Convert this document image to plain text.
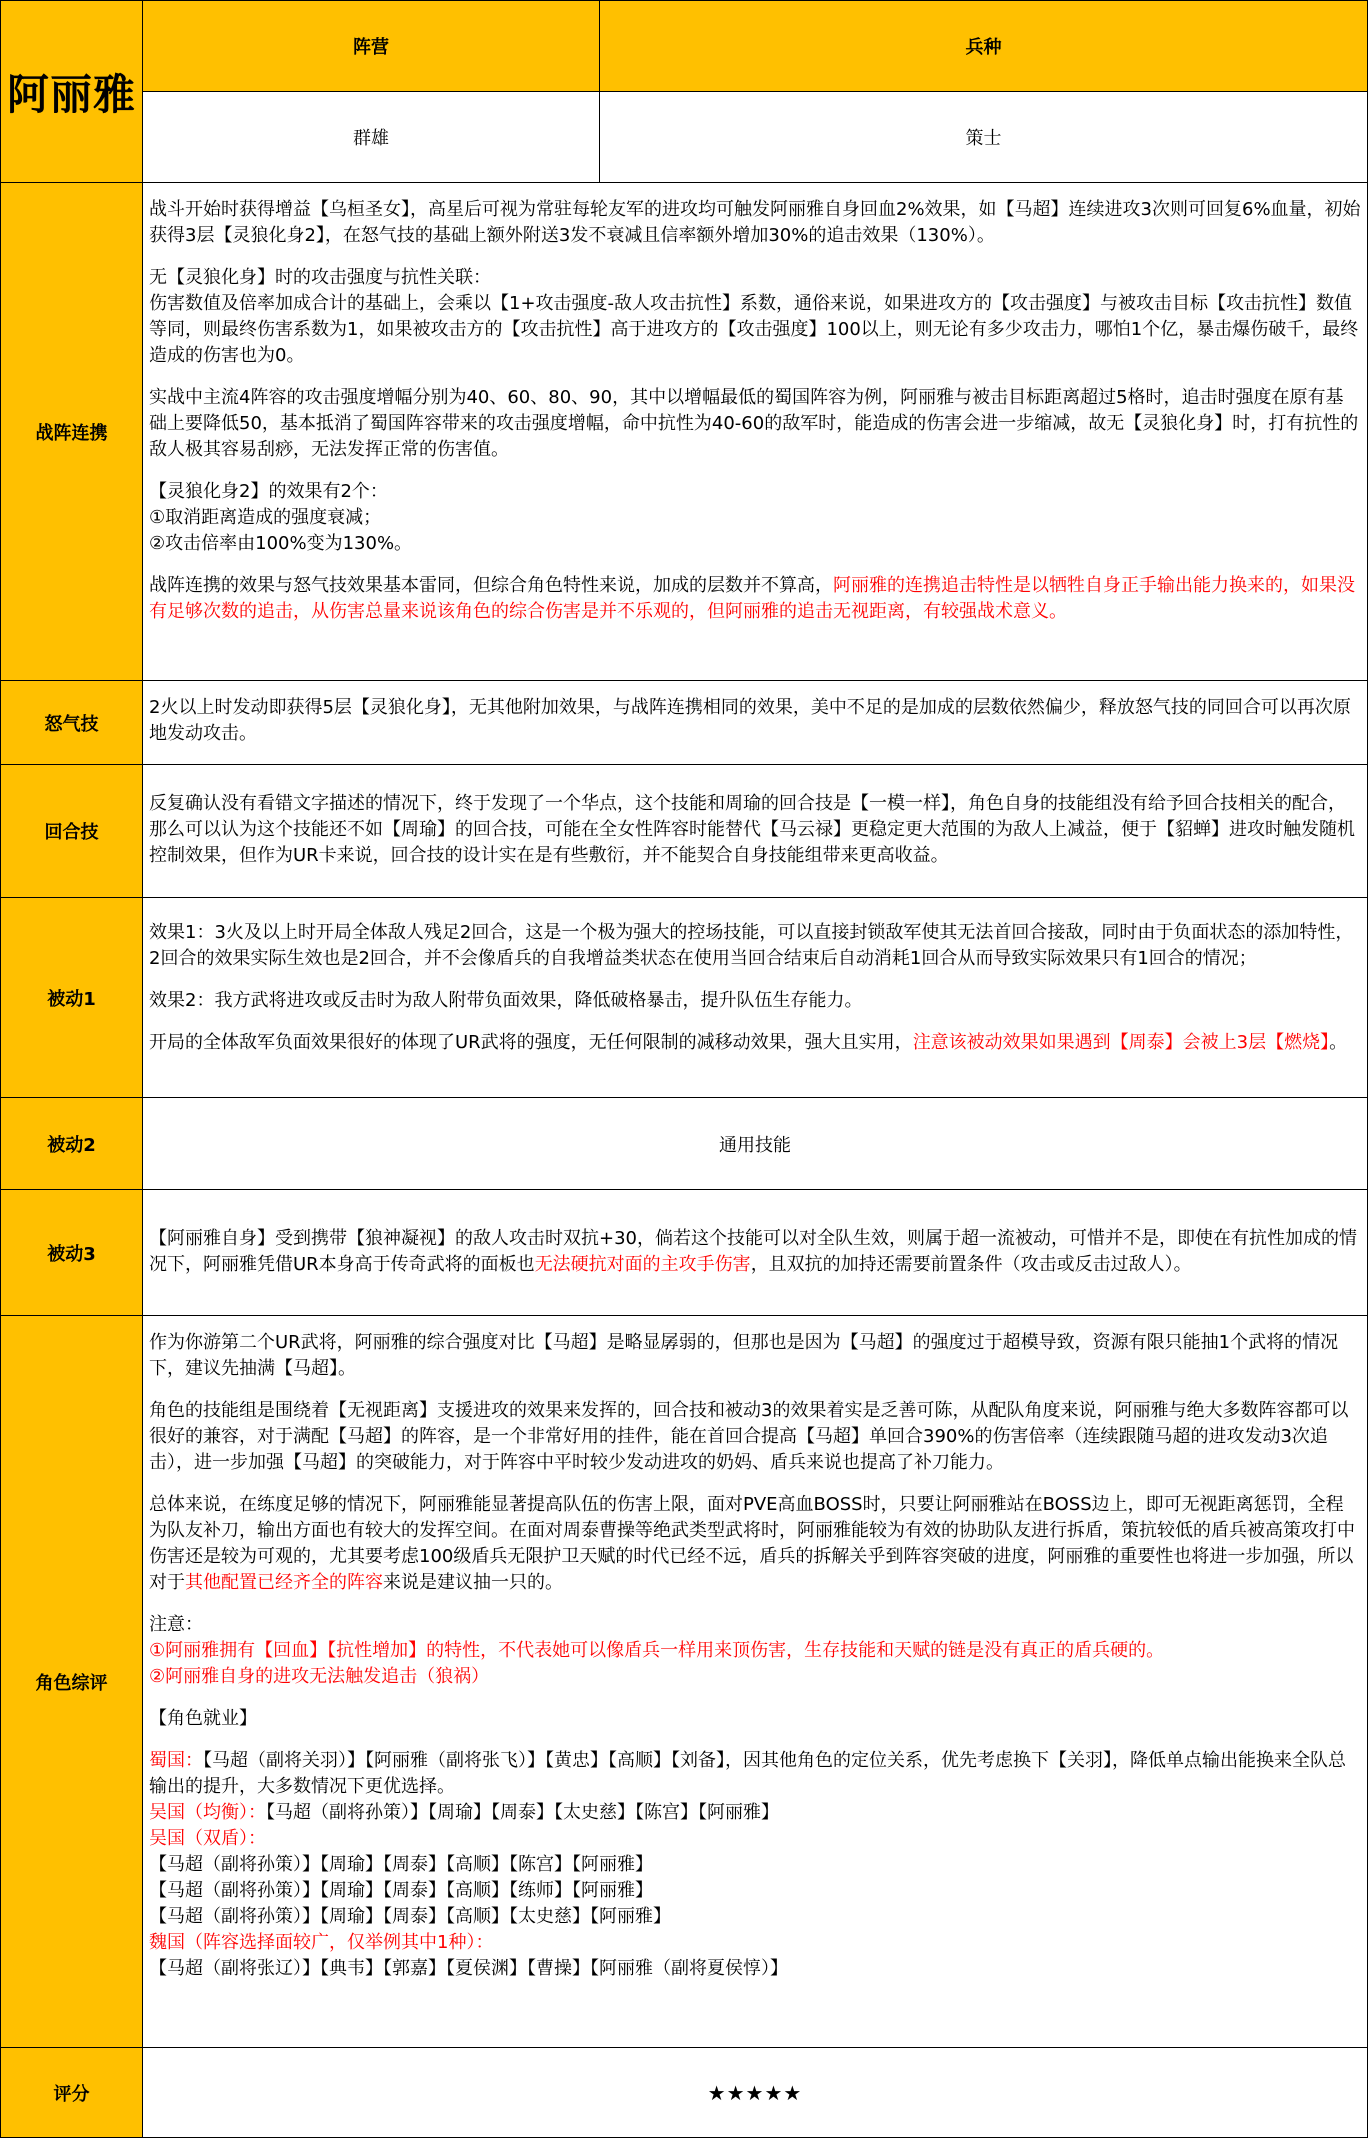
阿丽雅
阵营	兵种
群雄	策士
战阵连携

战斗开始时获得增益【乌桓圣女】，高星后可视为常驻每轮友军的进攻均可触发阿丽雅自身回血2%效果，如【马超】连续进攻3次则可回复6%血量，初始获得3层【灵狼化身2】，在怒气技的基础上额外附送3发不衰减且信率额外增加30%的追击效果（130%）。

无【灵狼化身】时的攻击强度与抗性关联：

伤害数值及倍率加成合计的基础上，会乘以【1+攻击强度-敌人攻击抗性】系数，通俗来说，如果进攻方的【攻击强度】与被攻击目标【攻击抗性】数值等同，则最终伤害系数为1，如果被攻击方的【攻击抗性】高于进攻方的【攻击强度】100以上，则无论有多少攻击力，哪怕1个亿，暴击爆伤破千，最终造成的伤害也为0。

实战中主流4阵容的攻击强度增幅分别为40、60、80、90，其中以增幅最低的蜀国阵容为例，阿丽雅与被击目标距离超过5格时，追击时强度在原有基础上要降低50，基本抵消了蜀国阵容带来的攻击强度增幅，命中抗性为40-60的敌军时，能造成的伤害会进一步缩减，故无【灵狼化身】时，打有抗性的敌人极其容易刮痧，无法发挥正常的伤害值。

【灵狼化身2】的效果有2个：

①取消距离造成的强度衰减；

②攻击倍率由100%变为130%。

战阵连携的效果与怒气技效果基本雷同，但综合角色特性来说，加成的层数并不算高，阿丽雅的连携追击特性是以牺牲自身正手输出能力换来的，如果没有足够次数的追击，从伤害总量来说该角色的综合伤害是并不乐观的，但阿丽雅的追击无视距离，有较强战术意义。

怒气技

2火以上时发动即获得5层【灵狼化身】，无其他附加效果，与战阵连携相同的效果，美中不足的是加成的层数依然偏少，释放怒气技的同回合可以再次原地发动攻击。

回合技

反复确认没有看错文字描述的情况下，终于发现了一个华点，这个技能和周瑜的回合技是【一模一样】，角色自身的技能组没有给予回合技相关的配合，那么可以认为这个技能还不如【周瑜】的回合技，可能在全女性阵容时能替代【马云禄】更稳定更大范围的为敌人上减益，便于【貂蝉】进攻时触发随机控制效果，但作为UR卡来说，回合技的设计实在是有些敷衍，并不能契合自身技能组带来更高收益。

被动1

效果1：3火及以上时开局全体敌人残足2回合，这是一个极为强大的控场技能，可以直接封锁敌军使其无法首回合接敌，同时由于负面状态的添加特性，2回合的效果实际生效也是2回合，并不会像盾兵的自我增益类状态在使用当回合结束后自动消耗1回合从而导致实际效果只有1回合的情况；

效果2：我方武将进攻或反击时为敌人附带负面效果，降低破格暴击，提升队伍生存能力。

开局的全体敌军负面效果很好的体现了UR武将的强度，无任何限制的减移动效果，强大且实用，注意该被动效果如果遇到【周泰】会被上3层【燃烧】。

被动2	通用技能
被动3

【阿丽雅自身】受到携带【狼神凝视】的敌人攻击时双抗+30，倘若这个技能可以对全队生效，则属于超一流被动，可惜并不是，即使在有抗性加成的情况下，阿丽雅凭借UR本身高于传奇武将的面板也无法硬抗对面的主攻手伤害，且双抗的加持还需要前置条件（攻击或反击过敌人）。

角色综评

作为你游第二个UR武将，阿丽雅的综合强度对比【马超】是略显孱弱的，但那也是因为【马超】的强度过于超模导致，资源有限只能抽1个武将的情况下，建议先抽满【马超】。

角色的技能组是围绕着【无视距离】支援进攻的效果来发挥的，回合技和被动3的效果着实是乏善可陈，从配队角度来说，阿丽雅与绝大多数阵容都可以很好的兼容，对于满配【马超】的阵容，是一个非常好用的挂件，能在首回合提高【马超】单回合390%的伤害倍率（连续跟随马超的进攻发动3次追击），进一步加强【马超】的突破能力，对于阵容中平时较少发动进攻的奶妈、盾兵来说也提高了补刀能力。

总体来说，在练度足够的情况下，阿丽雅能显著提高队伍的伤害上限，面对PVE高血BOSS时，只要让阿丽雅站在BOSS边上，即可无视距离惩罚，全程为队友补刀，输出方面也有较大的发挥空间。在面对周泰曹操等绝武类型武将时，阿丽雅能较为有效的协助队友进行拆盾，策抗较低的盾兵被高策攻打中伤害还是较为可观的，尤其要考虑100级盾兵无限护卫天赋的时代已经不远，盾兵的拆解关乎到阵容突破的进度，阿丽雅的重要性也将进一步加强，所以对于其他配置已经齐全的阵容来说是建议抽一只的。

注意：

①阿丽雅拥有【回血】【抗性增加】的特性，不代表她可以像盾兵一样用来顶伤害，生存技能和天赋的链是没有真正的盾兵硬的。

②阿丽雅自身的进攻无法触发追击（狼祸）

【角色就业】

蜀国：【马超（副将关羽）】【阿丽雅（副将张飞）】【黄忠】【高顺】【刘备】，因其他角色的定位关系，优先考虑换下【关羽】，降低单点输出能换来全队总输出的提升，大多数情况下更优选择。

吴国（均衡）：【马超（副将孙策）】【周瑜】【周泰】【太史慈】【陈宫】【阿丽雅】

吴国（双盾）：

【马超（副将孙策）】【周瑜】【周泰】【高顺】【陈宫】【阿丽雅】

【马超（副将孙策）】【周瑜】【周泰】【高顺】【练师】【阿丽雅】

【马超（副将孙策）】【周瑜】【周泰】【高顺】【太史慈】【阿丽雅】

魏国（阵容选择面较广，仅举例其中1种）：

【马超（副将张辽）】【典韦】【郭嘉】【夏侯渊】【曹操】【阿丽雅（副将夏侯惇）】

评分	★★★★★
